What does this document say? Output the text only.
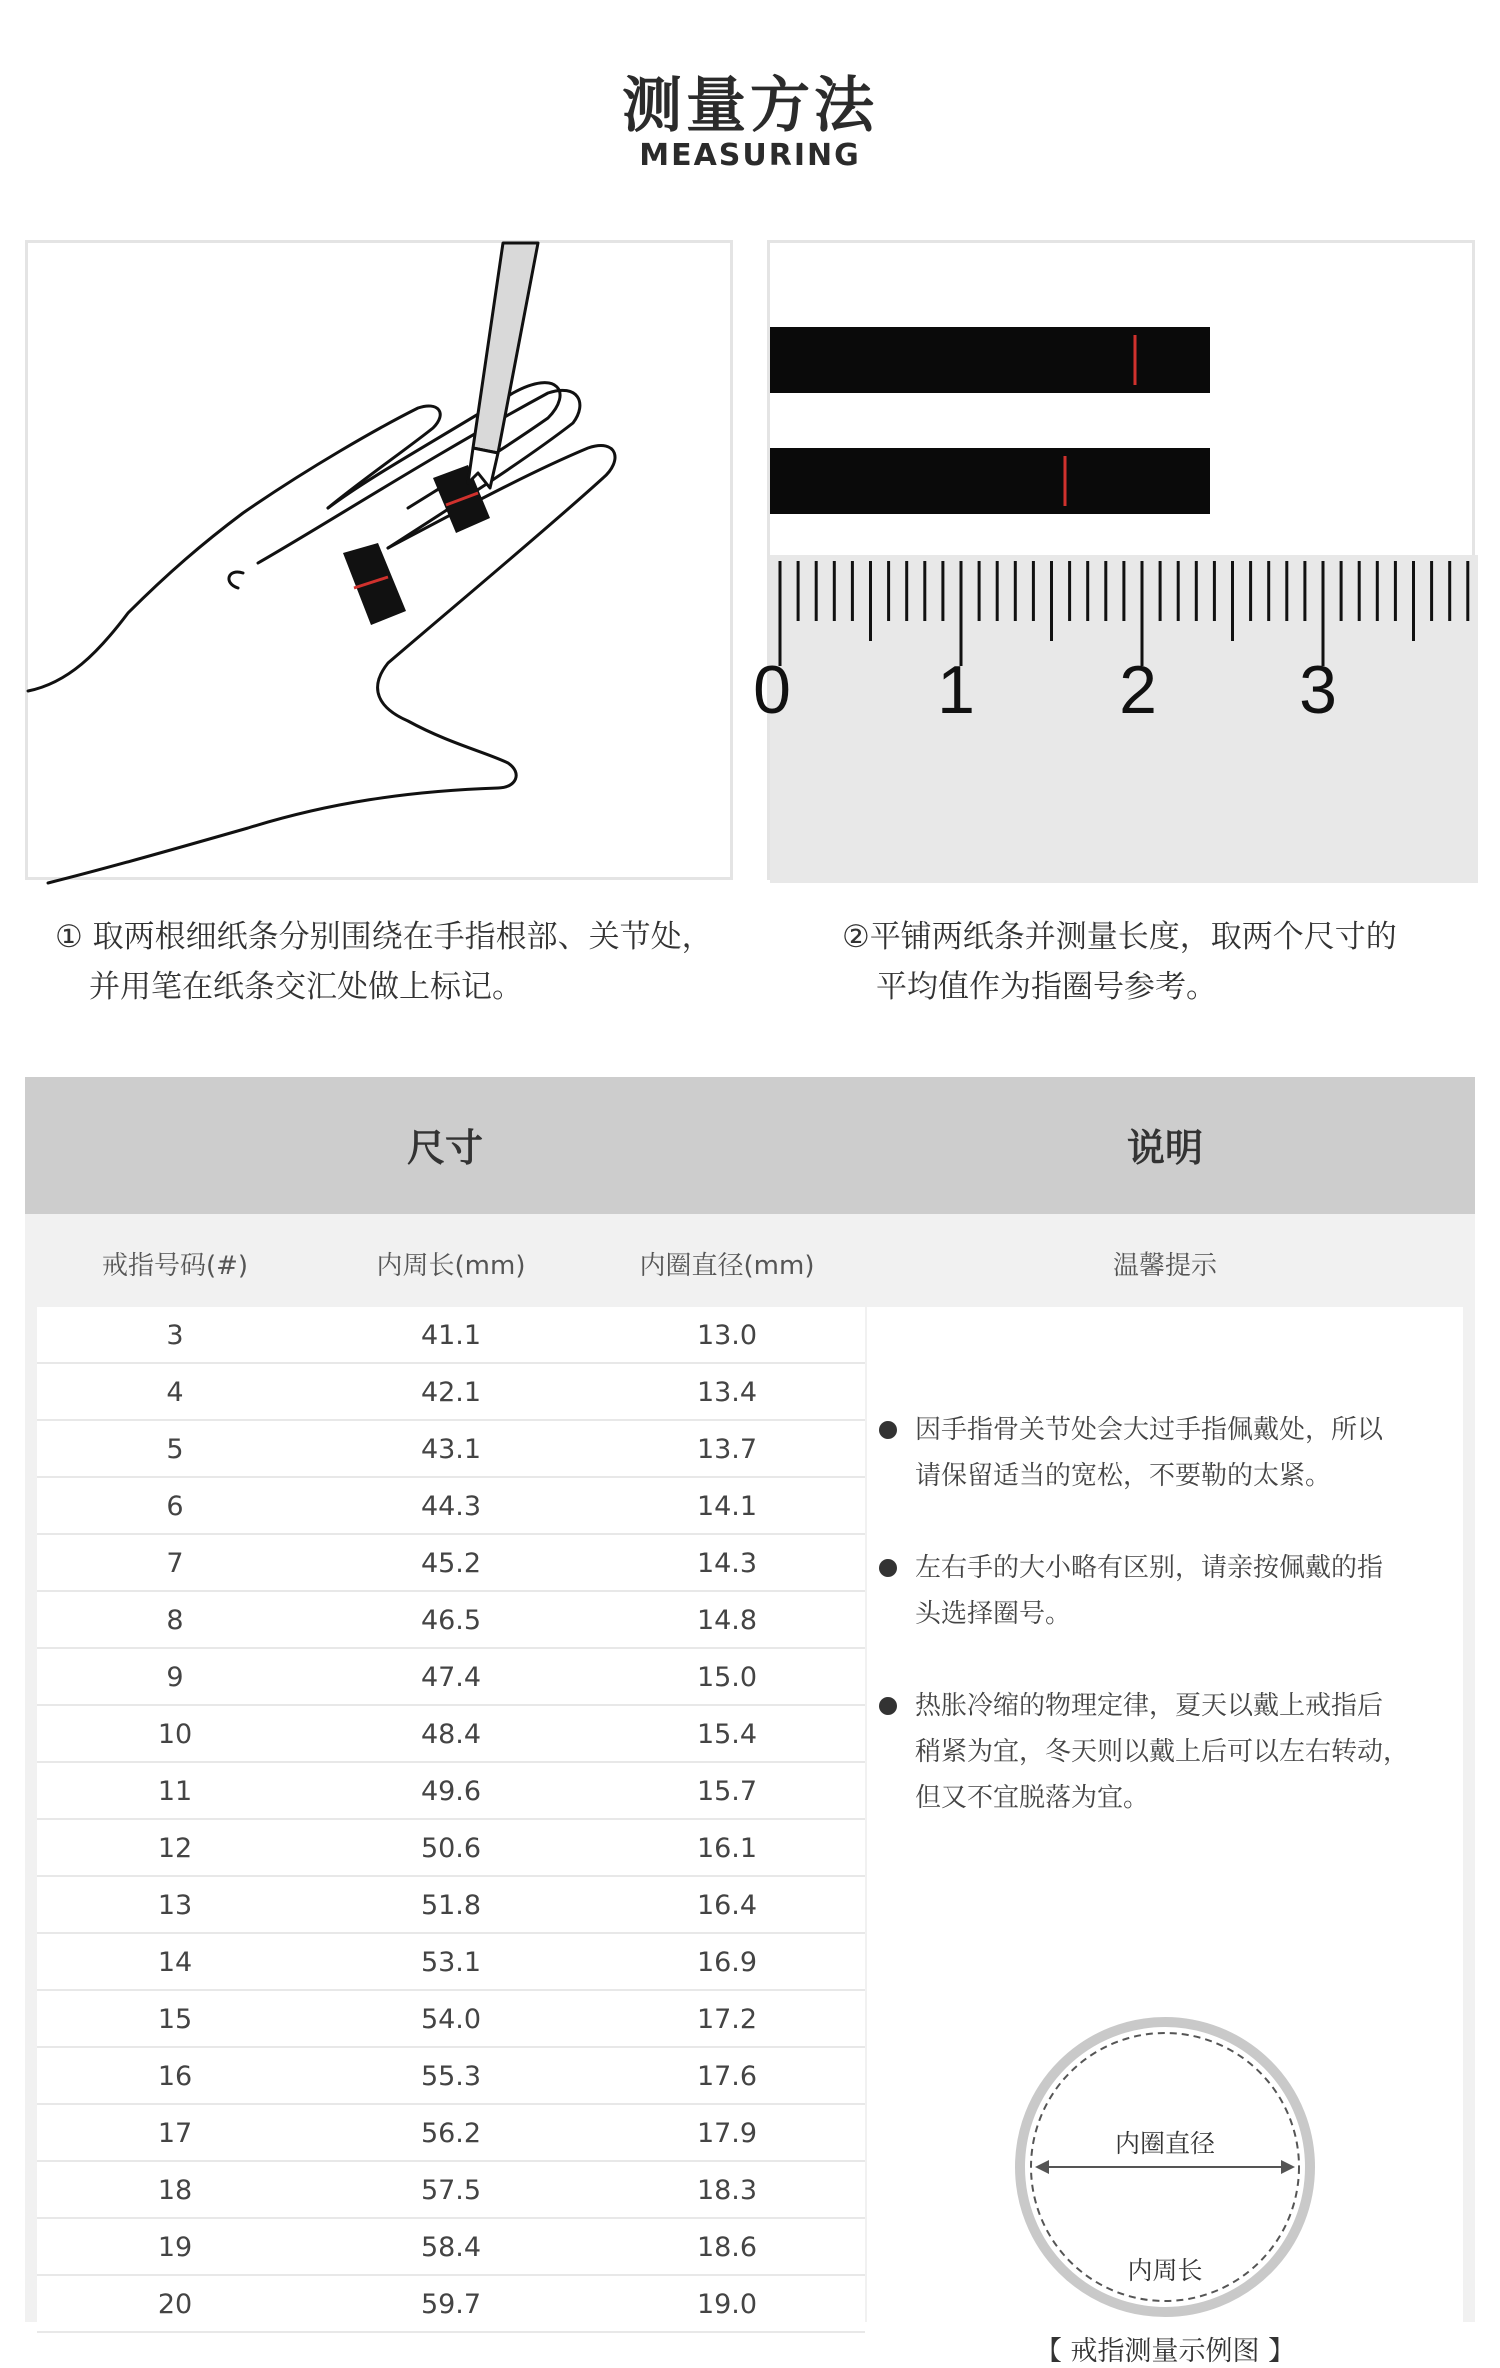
测量方法
MEASURING
0 1 2 3
① 取两根细纸条分别围绕在手指根部、关节处，
并用笔在纸条交汇处做上标记。
②平铺两纸条并测量长度，取两个尺寸的
平均值作为指圈号参考。
尺寸	说明
戒指号码(#)	内周长(mm)	内圈直径(mm)	温馨提示
3	41.1	13.0
4	42.1	13.4
5	43.1	13.7
6	44.3	14.1
7	45.2	14.3
8	46.5	14.8
9	47.4	15.0
10	48.4	15.4
11	49.6	15.7
12	50.6	16.1
13	51.8	16.4
14	53.1	16.9
15	54.0	17.2
16	55.3	17.6
17	56.2	17.9
18	57.5	18.3
19	58.4	18.6
20	59.7	19.0
因手指骨关节处会大过手指佩戴处，所以
请保留适当的宽松，不要勒的太紧。
左右手的大小略有区别，请亲按佩戴的指
头选择圈号。
热胀冷缩的物理定律，夏天以戴上戒指后
稍紧为宜，冬天则以戴上后可以左右转动，
但又不宜脱落为宜。
内圈直径
内周长
【 戒指测量示例图 】
